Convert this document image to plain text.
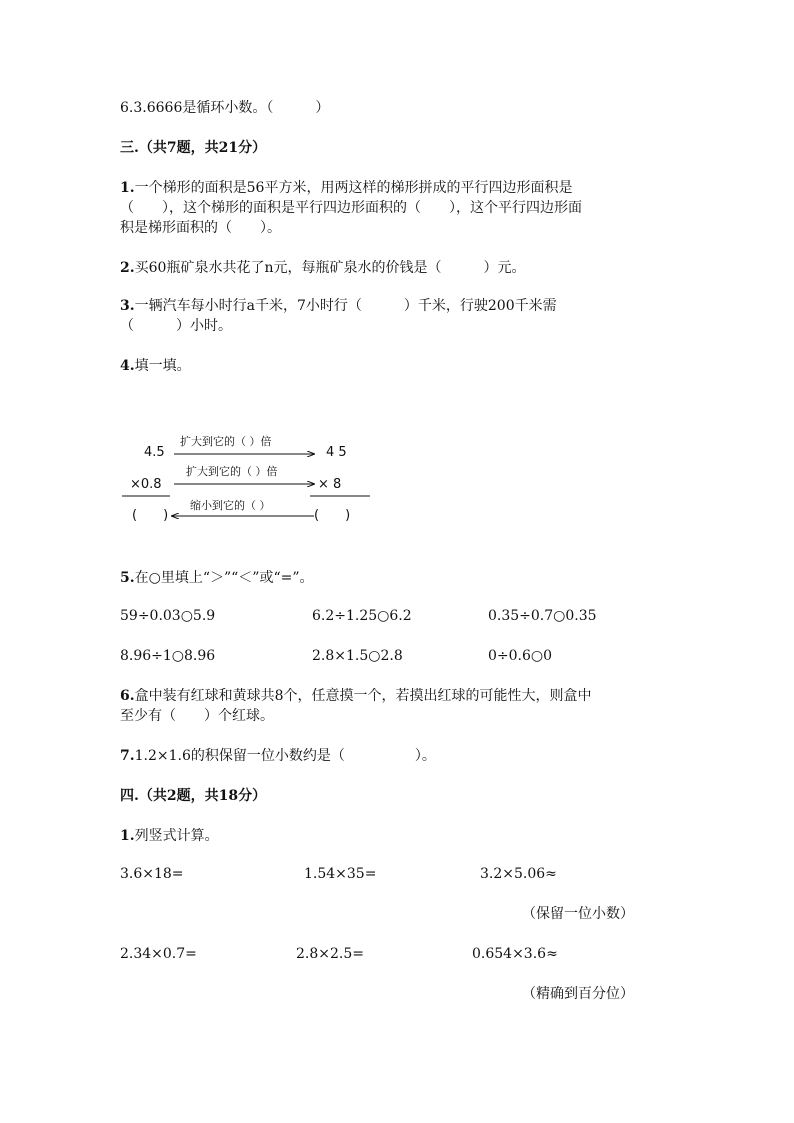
6.3.6666是循环小数。（　　　）
三.（共7题，共21分）
1.一个梯形的面积是56平方米，用两这样的梯形拼成的平行四边形面积是
（　　），这个梯形的面积是平行四边形面积的（　　），这个平行四边形面
积是梯形面积的（　　）。
2.买60瓶矿泉水共花了n元，每瓶矿泉水的价钱是（　　　）元。
3.一辆汽车每小时行a千米，7小时行（　　　）千米，行驶200千米需
（　　　）小时。
4.填一填。
4.5	4 5
×0.8	× 8
(　　)	(　　)
扩大到它的（ ）倍
扩大到它的（ ）倍
缩小到它的（ ）
5.在○里填上“＞”“＜”或“=”。
59÷0.03○5.9	6.2÷1.25○6.2	0.35÷0.7○0.35
8.96÷1○8.96	2.8×1.5○2.8	0÷0.6○0
6.盒中装有红球和黄球共8个，任意摸一个，若摸出红球的可能性大，则盒中
至少有（　　）个红球。
7.1.2×1.6的积保留一位小数约是（　　　　　）。
四.（共2题，共18分）
1.列竖式计算。
3.6×18=	1.54×35=	3.2×5.06≈
（保留一位小数）
2.34×0.7=	2.8×2.5=	0.654×3.6≈
（精确到百分位）
